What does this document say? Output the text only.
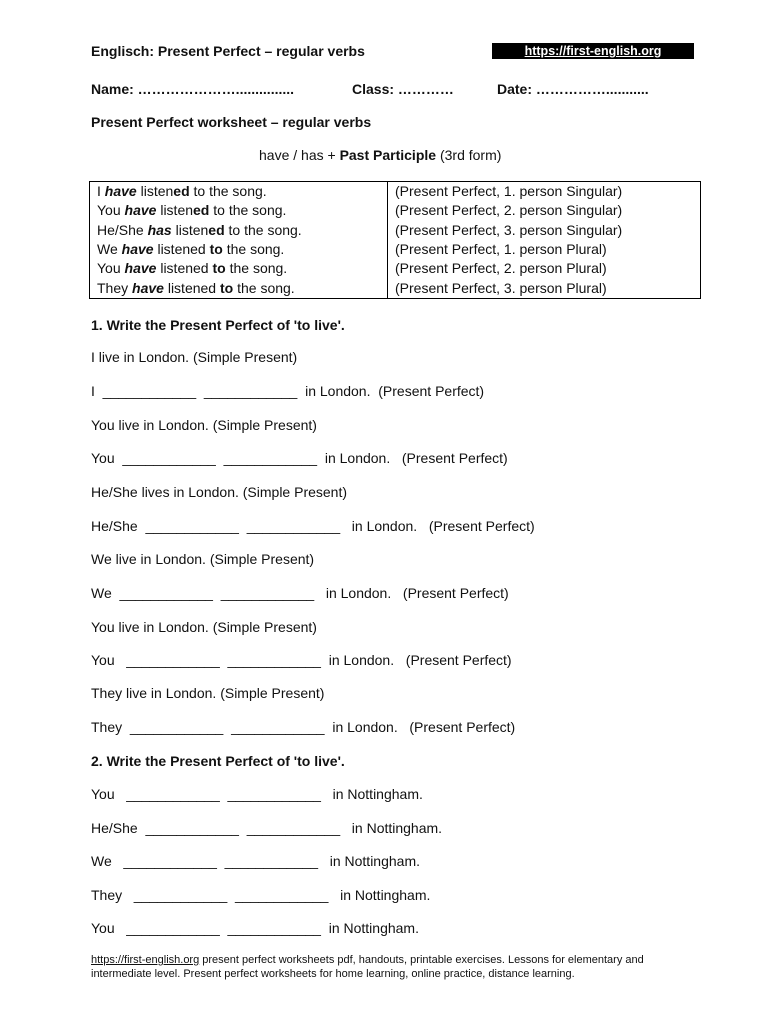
Englisch: Present Perfect – regular verbs	https://first-english.org
Name: …………………...............	Class: …………	Date: ……………...........
Present Perfect worksheet – regular verbs
have / has + Past Participle (3rd form)
I have listened to the song.	(Present Perfect, 1. person Singular)
You have listened to the song.	(Present Perfect, 2. person Singular)
He/She has listened to the song.	(Present Perfect, 3. person Singular)
We have listened to the song.	(Present Perfect, 1. person Plural)
You have listened to the song.	(Present Perfect, 2. person Plural)
They have listened to the song.	(Present Perfect, 3. person Plural)
1. Write the Present Perfect of 'to live'.
I live in London. (Simple Present)
I  ____________  ____________  in London.  (Present Perfect)
You live in London. (Simple Present)
You  ____________  ____________  in London.   (Present Perfect)
He/She lives in London. (Simple Present)
He/She  ____________  ____________   in London.   (Present Perfect)
We live in London. (Simple Present)
We  ____________  ____________   in London.   (Present Perfect)
You live in London. (Simple Present)
You   ____________  ____________  in London.   (Present Perfect)
They live in London. (Simple Present)
They  ____________  ____________  in London.   (Present Perfect)
2. Write the Present Perfect of 'to live'.
You   ____________  ____________   in Nottingham.
He/She  ____________  ____________   in Nottingham.
We   ____________  ____________   in Nottingham.
They   ____________  ____________   in Nottingham.
You   ____________  ____________  in Nottingham.
https://first-english.org present perfect worksheets pdf, handouts, printable exercises. Lessons for elementary and intermediate level. Present perfect worksheets for home learning, online practice, distance learning.
